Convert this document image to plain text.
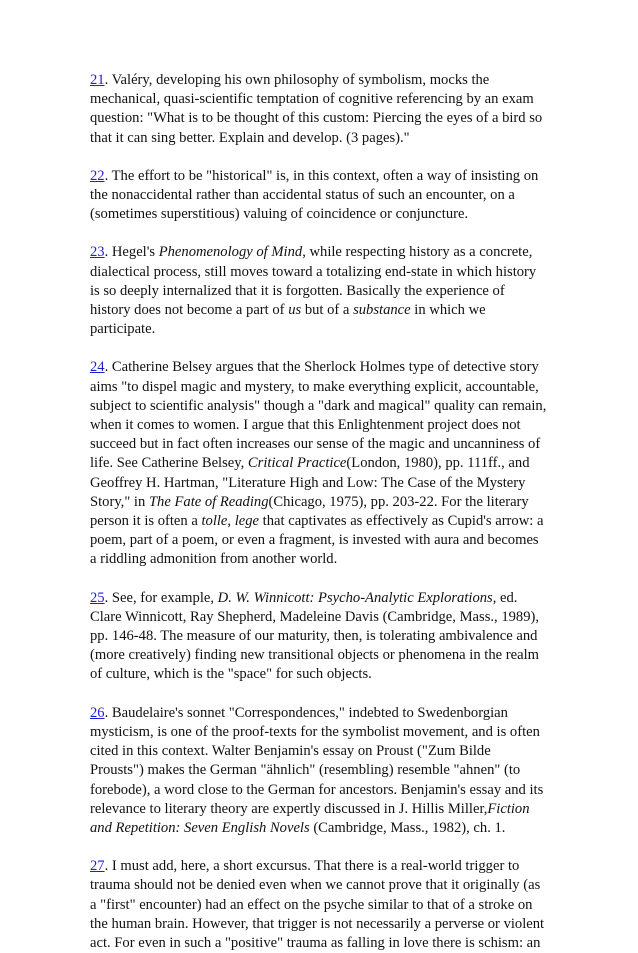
21. Valéry, developing his own philosophy of symbolism, mocks the mechanical, quasi-scientific temptation of cognitive referencing by an exam question: "What is to be thought of this custom: Piercing the eyes of a bird so that it can sing better. Explain and develop. (3 pages)."

22. The effort to be "historical" is, in this context, often a way of insisting on the nonaccidental rather than accidental status of such an encounter, on a (sometimes superstitious) valuing of coincidence or conjuncture.

23. Hegel's Phenomenology of Mind, while respecting history as a concrete, dialectical process, still moves toward a totalizing end-state in which history is so deeply internalized that it is forgotten. Basically the experience of history does not become a part of us but of a substance in which we participate.

24. Catherine Belsey argues that the Sherlock Holmes type of detective story aims "to dispel magic and mystery, to make everything explicit, accountable, subject to scientific analysis" though a "dark and magical" quality can remain, when it comes to women. I argue that this Enlightenment project does not succeed but in fact often increases our sense of the magic and uncanniness of life. See Catherine Belsey, Critical Practice(London, 1980), pp. 111ff., and Geoffrey H. Hartman, "Literature High and Low: The Case of the Mystery Story," in The Fate of Reading(Chicago, 1975), pp. 203-22. For the literary person it is often a tolle, lege that captivates as effectively as Cupid's arrow: a poem, part of a poem, or even a fragment, is invested with aura and becomes a riddling admonition from another world.

25. See, for example, D. W. Winnicott: Psycho-Analytic Explorations, ed. Clare Winnicott, Ray Shepherd, Madeleine Davis (Cambridge, Mass., 1989), pp. 146-48. The measure of our maturity, then, is tolerating ambivalence and (more creatively) finding new transitional objects or phenomena in the realm of culture, which is the "space" for such objects.

26. Baudelaire's sonnet "Correspondences," indebted to Swedenborgian mysticism, is one of the proof-texts for the symbolist movement, and is often cited in this context. Walter Benjamin's essay on Proust ("Zum Bilde Prousts") makes the German "ähnlich" (resembling) resemble "ahnen" (to forebode), a word close to the German for ancestors. Benjamin's essay and its relevance to literary theory are expertly discussed in J. Hillis Miller,Fiction and Repetition: Seven English Novels (Cambridge, Mass., 1982), ch. 1.

27. I must add, here, a short excursus. That there is a real-world trigger to trauma should not be denied even when we cannot prove that it originally (as a "first" encounter) had an effect on the psyche similar to that of a stroke on the human brain. However, that trigger is not necessarily a perverse or violent act. For even in such a "positive" trauma as falling in love there is schism: an
